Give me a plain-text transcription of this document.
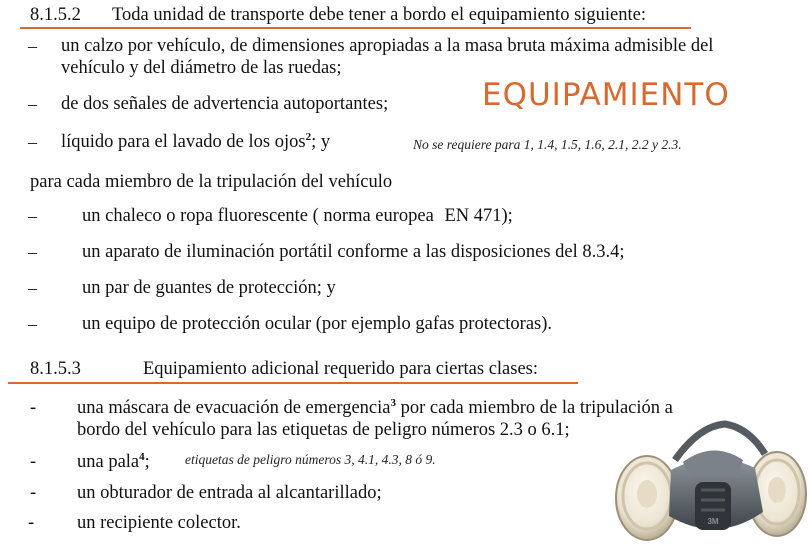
8.1.5.2 Toda unidad de transporte debe tener a bordo el equipamiento siguiente:
– un calzo por vehículo, de dimensiones apropiadas a la masa bruta máxima admisible del
vehículo y del diámetro de las ruedas;
– de dos señales de advertencia autoportantes;	EQUIPAMIENTO
– líquido para el lavado de los ojos$^2$; y	No se requiere para 1, 1.4, 1.5, 1.6, 2.1, 2.2 y 2.3.
para cada miembro de la tripulación del vehículo
– un chaleco o ropa fluorescente ( norma europea EN 471);
– un aparato de iluminación portátil conforme a las disposiciones del 8.3.4;
– un par de guantes de protección; y
– un equipo de protección ocular (por ejemplo gafas protectoras).
8.1.5.3	Equipamiento adicional requerido para ciertas clases:
- una máscara de evacuación de emergencia$^3$ por cada miembro de la tripulación a
bordo del vehículo para las etiquetas de peligro números 2.3 o 6.1;
- una pala$^4$;	etiquetas de peligro números 3, 4.1, 4.3, 8 ó 9.
- un obturador de entrada al alcantarillado;
- un recipiente colector.	3M
